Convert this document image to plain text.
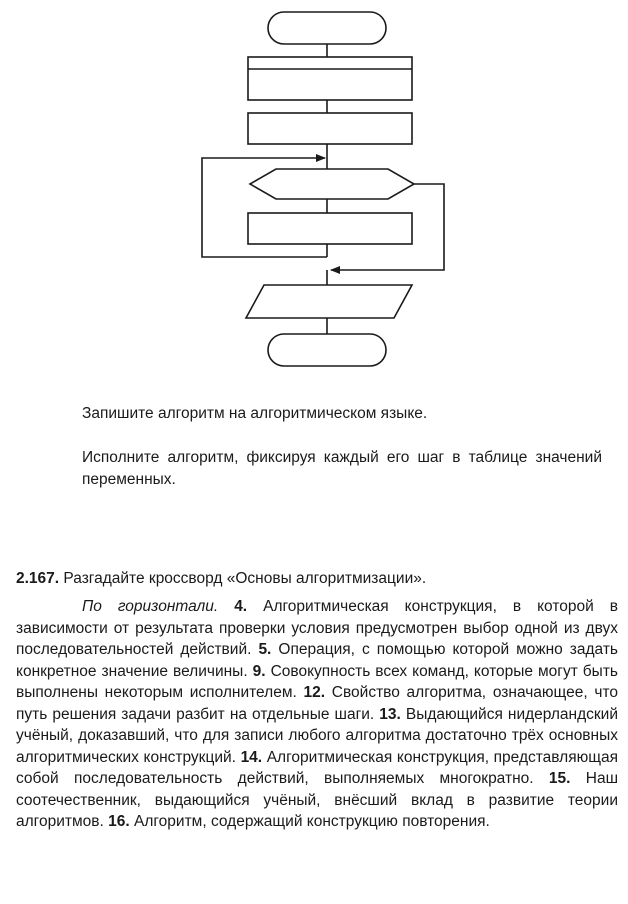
Запишите алгоритм на алгоритмическом языке.

Исполните алгоритм, фиксируя каждый его шаг в таблице значений переменных.

2.167. Разгадайте кроссворд «Основы алгоритмизации».

По горизонтали. 4. Алгоритмическая конструкция, в которой в зависимости от результата проверки условия предусмотрен выбор одной из двух последовательностей действий. 5. Операция, с помощью которой можно задать конкретное значение величины. 9. Совокупность всех команд, которые могут быть выполнены некоторым исполнителем. 12. Свойство алгоритма, означающее, что путь решения задачи разбит на отдельные шаги. 13. Выдающийся нидерландский учёный, доказавший, что для записи любого алгоритма достаточно трёх основных алгоритмических конструкций. 14. Алгоритмическая конструкция, представляющая собой последовательность действий, выполняемых многократно. 15. Наш соотечественник, выдающийся учёный, внёсший вклад в развитие теории алгоритмов. 16. Алгоритм, содержащий конструкцию повторения.
